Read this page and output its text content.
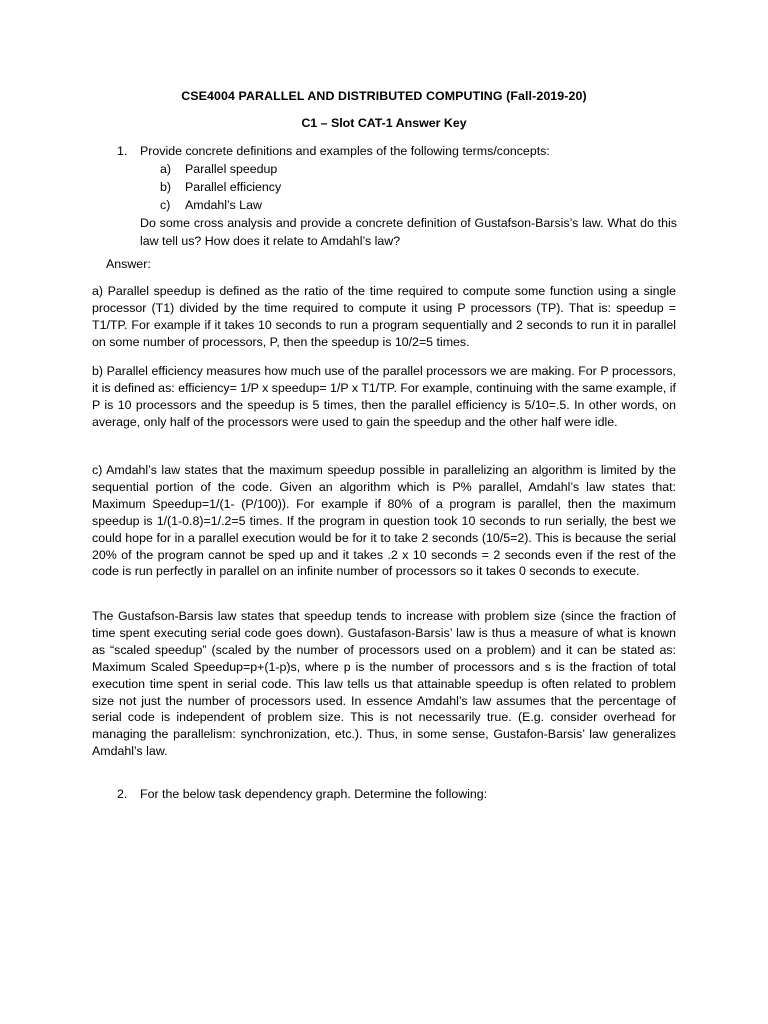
CSE4004 PARALLEL AND DISTRIBUTED COMPUTING (Fall-2019-20)
C1 – Slot CAT-1 Answer Key
1. Provide concrete definitions and examples of the following terms/concepts:
a) Parallel speedup
b) Parallel efficiency
c) Amdahl’s Law
Do some cross analysis and provide a concrete definition of Gustafson-Barsis’s law. What do this law tell us? How does it relate to Amdahl’s law?
Answer:
a) Parallel speedup is defined as the ratio of the time required to compute some function using a single processor (T1) divided by the time required to compute it using P processors (TP). That is: speedup = T1/TP. For example if it takes 10 seconds to run a program sequentially and 2 seconds to run it in parallel on some number of processors, P, then the speedup is 10/2=5 times.
b) Parallel efficiency measures how much use of the parallel processors we are making. For P processors, it is defined as: efficiency= 1/P x speedup= 1/P x T1/TP. For example, continuing with the same example, if P is 10 processors and the speedup is 5 times, then the parallel efficiency is 5/10=.5. In other words, on average, only half of the processors were used to gain the speedup and the other half were idle.
c) Amdahl’s law states that the maximum speedup possible in parallelizing an algorithm is limited by the sequential portion of the code. Given an algorithm which is P% parallel, Amdahl’s law states that: Maximum Speedup=1/(1- (P/100)). For example if 80% of a program is parallel, then the maximum speedup is 1/(1-0.8)=1/.2=5 times. If the program in question took 10 seconds to run serially, the best we could hope for in a parallel execution would be for it to take 2 seconds (10/5=2). This is because the serial 20% of the program cannot be sped up and it takes .2 x 10 seconds = 2 seconds even if the rest of the code is run perfectly in parallel on an infinite number of processors so it takes 0 seconds to execute.
The Gustafson-Barsis law states that speedup tends to increase with problem size (since the fraction of time spent executing serial code goes down). Gustafason-Barsis’ law is thus a measure of what is known as “scaled speedup” (scaled by the number of processors used on a problem) and it can be stated as: Maximum Scaled Speedup=p+(1-p)s, where p is the number of processors and s is the fraction of total execution time spent in serial code. This law tells us that attainable speedup is often related to problem size not just the number of processors used. In essence Amdahl’s law assumes that the percentage of serial code is independent of problem size. This is not necessarily true. (E.g. consider overhead for managing the parallelism: synchronization, etc.). Thus, in some sense, Gustafon-Barsis’ law generalizes Amdahl’s law.
2. For the below task dependency graph. Determine the following:
